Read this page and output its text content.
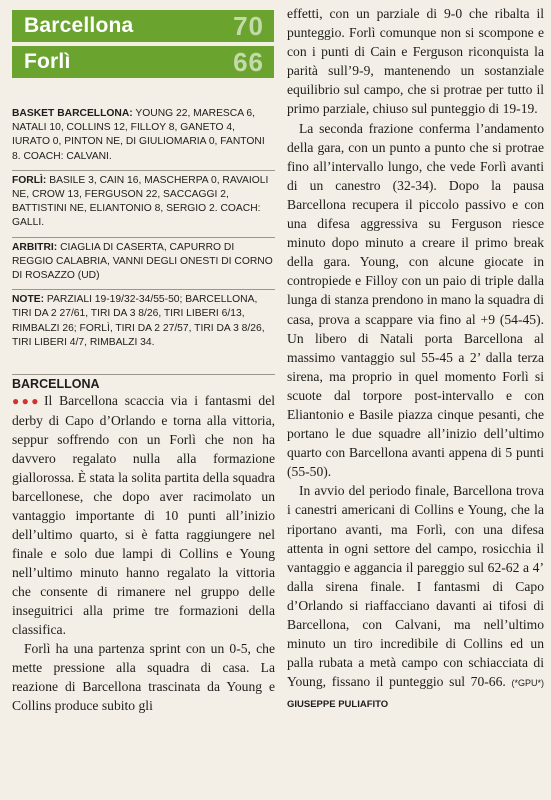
Barcellona	70
Forlì	66

BASKET BARCELLONA: YOUNG 22, MARESCA 6, NATALI 10, COLLINS 12, FILLOY 8, GANETO 4, IURATO 0, PINTON NE, DI GIULIOMARIA 0, FANTONI 8. COACH: CALVANI.

FORLÌ: BASILE 3, CAIN 16, MASCHERPA 0, RAVAIOLI NE, CROW 13, FERGUSON 22, SACCAGGI 2, BATTISTINI NE, ELIANTONIO 8, SERGIO 2. COACH: GALLI.

ARBITRI: CIAGLIA DI CASERTA, CAPURRO DI REGGIO CALABRIA, VANNI DEGLI ONESTI DI CORNO DI ROSAZZO (UD)

NOTE: PARZIALI 19-19/32-34/55-50; BARCELLONA, TIRI DA 2 27/61, TIRI DA 3 8/26, TIRI LIBERI 6/13, RIMBALZI 26; FORLÌ, TIRI DA 2 27/57, TIRI DA 3 8/26, TIRI LIBERI 4/7, RIMBALZI 34.

BARCELLONA

●●● Il Barcellona scaccia via i fantasmi del derby di Capo d’Orlando e torna alla vittoria, seppur soffrendo con un Forlì che non ha davvero regalato nulla alla formazione giallorossa. È stata la solita partita della squadra barcellonese, che dopo aver racimolato un vantaggio importante di 10 punti all’inizio dell’ultimo quarto, si è fatta raggiungere nel finale e solo due lampi di Collins e Young nell’ultimo minuto hanno regalato la vittoria che consente di rimanere nel gruppo delle inseguitrici alla prime tre formazioni della classifica.

Forlì ha una partenza sprint con un 0-5, che mette pressione alla squadra di casa. La reazione di Barcellona trascinata da Young e Collins produce subito gli

effetti, con un parziale di 9-0 che ribalta il punteggio. Forlì comunque non si scompone e con i punti di Cain e Ferguson riconquista la parità sull’9-9, mantenendo un sostanziale equilibrio sul campo, che si protrae per tutto il primo parziale, chiuso sul punteggio di 19-19.

La seconda frazione conferma l’andamento della gara, con un punto a punto che si protrae fino all’intervallo lungo, che vede Forlì avanti di un canestro (32-34). Dopo la pausa Barcellona recupera il piccolo passivo e con una difesa aggressiva su Ferguson riesce minuto dopo minuto a creare il primo break della gara. Young, con alcune giocate in contropiede e Filloy con un paio di triple dalla lunga di stanza prendono in mano la squadra di casa, prova a scappare via fino al +9 (54-45). Un libero di Natali porta Barcellona al massimo vantaggio sul 55-45 a 2’ dalla terza sirena, ma proprio in quel momento Forlì si scuote dal torpore post-intervallo e con Eliantonio e Basile piazza cinque pesanti, che portano le due squadre all’inizio dell’ultimo quarto con Barcellona avanti appena di 5 punti (55-50).

In avvio del periodo finale, Barcellona trova i canestri americani di Collins e Young, che la riportano avanti, ma Forlì, con una difesa attenta in ogni settore del campo, rosicchia il vantaggio e aggancia il pareggio sul 62-62 a 4’ dalla sirena finale. I fantasmi di Capo d’Orlando si riaffacciano davanti ai tifosi di Barcellona, con Calvani, ma nell’ultimo minuto un tiro incredibile di Collins ed un palla rubata a metà campo con schiacciata di Young, fissano il punteggio sul 70-66. (*GPU*) GIUSEPPE PULIAFITO
